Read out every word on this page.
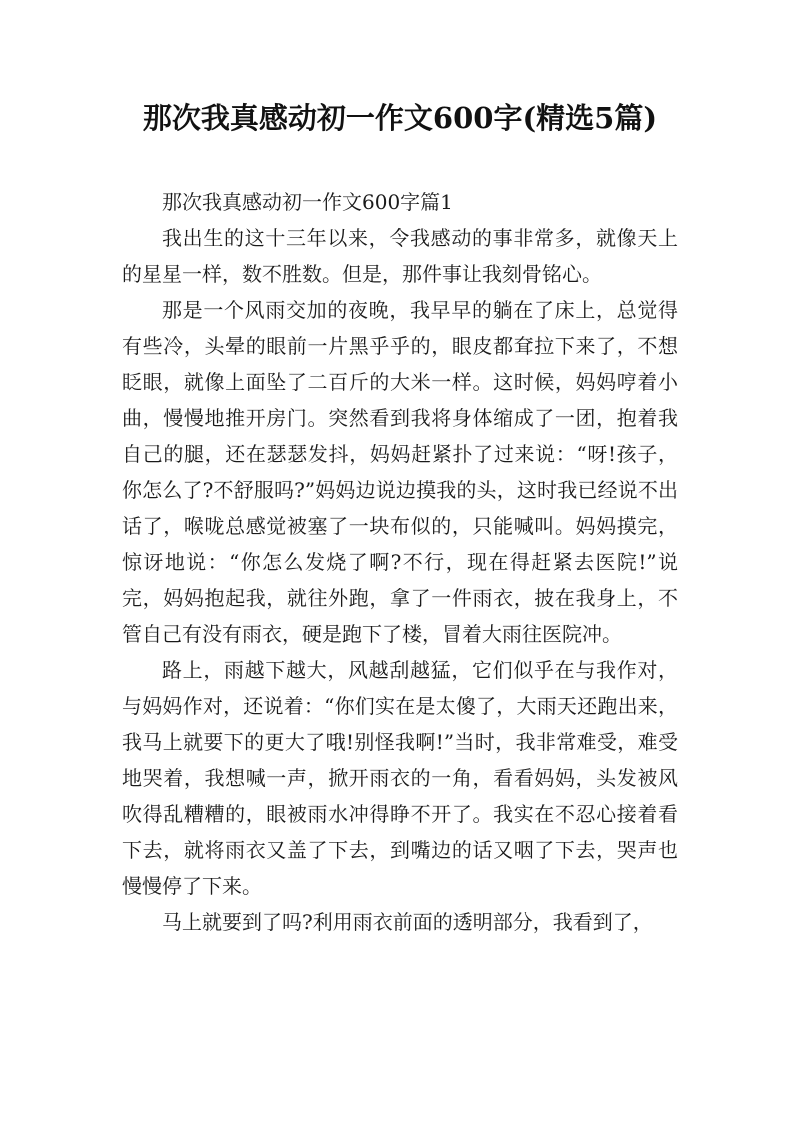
那次我真感动初一作文600字(精选5篇)

那次我真感动初一作文600字篇1

我出生的这十三年以来，令我感动的事非常多，就像天上的星星一样，数不胜数。但是，那件事让我刻骨铭心。

那是一个风雨交加的夜晚，我早早的躺在了床上，总觉得有些冷，头晕的眼前一片黑乎乎的，眼皮都耷拉下来了，不想眨眼，就像上面坠了二百斤的大米一样。这时候，妈妈哼着小曲，慢慢地推开房门。突然看到我将身体缩成了一团，抱着我自己的腿，还在瑟瑟发抖，妈妈赶紧扑了过来说：“呀!孩子，你怎么了?不舒服吗?”妈妈边说边摸我的头，这时我已经说不出话了，喉咙总感觉被塞了一块布似的，只能喊叫。妈妈摸完，惊讶地说：“你怎么发烧了啊?不行，现在得赶紧去医院!”说完，妈妈抱起我，就往外跑，拿了一件雨衣，披在我身上，不管自己有没有雨衣，硬是跑下了楼，冒着大雨往医院冲。

路上，雨越下越大，风越刮越猛，它们似乎在与我作对，与妈妈作对，还说着：“你们实在是太傻了，大雨天还跑出来，我马上就要下的更大了哦!别怪我啊!”当时，我非常难受，难受地哭着，我想喊一声，掀开雨衣的一角，看看妈妈，头发被风吹得乱糟糟的，眼被雨水冲得睁不开了。我实在不忍心接着看下去，就将雨衣又盖了下去，到嘴边的话又咽了下去，哭声也慢慢停了下来。

马上就要到了吗?利用雨衣前面的透明部分，我看到了，
